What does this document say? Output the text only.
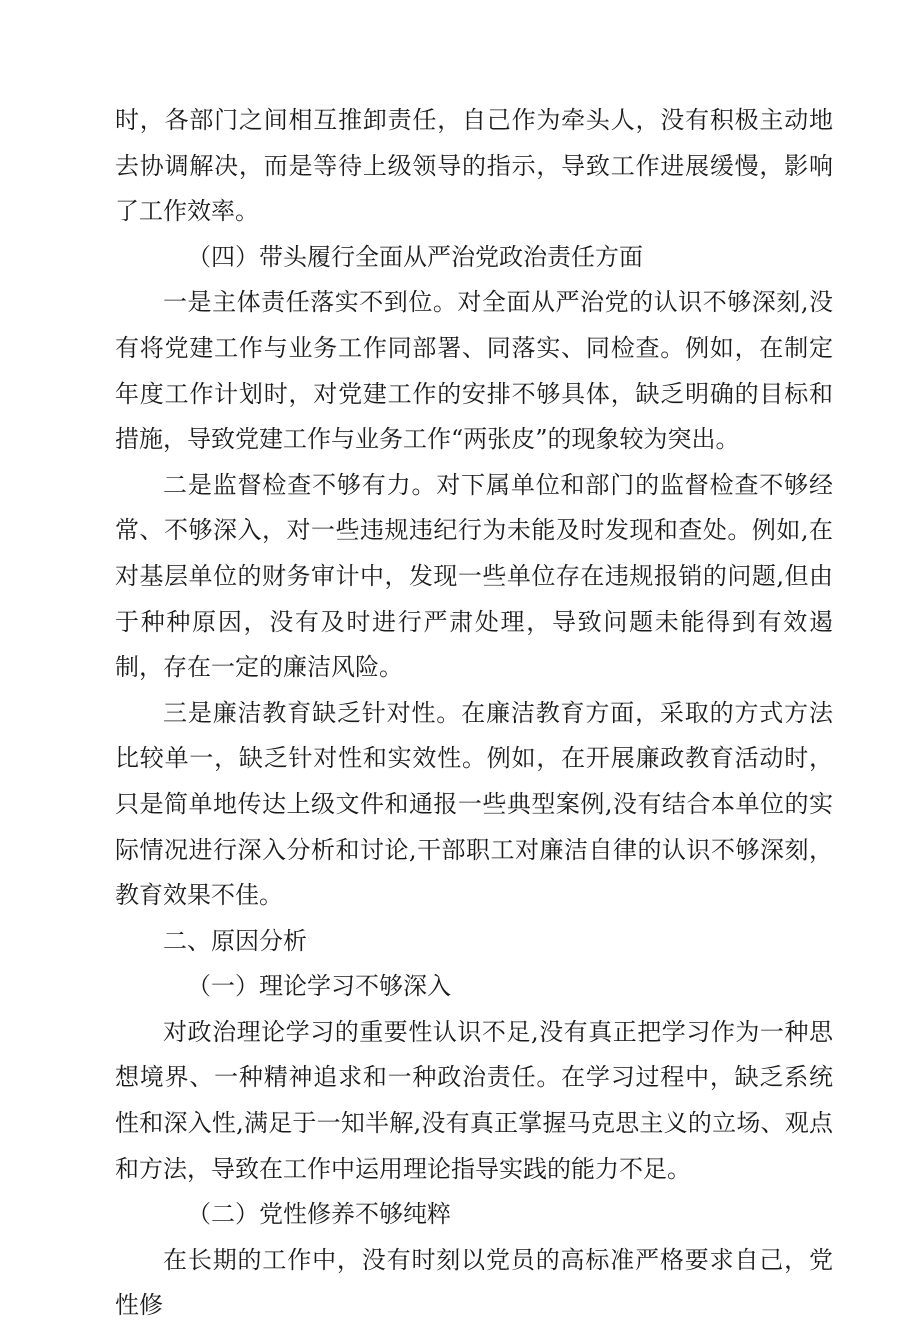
时，各部门之间相互推卸责任，自己作为牵头人，没有积极主动地去协调解决，而是等待上级领导的指示，导致工作进展缓慢，影响了工作效率。

（四）带头履行全面从严治党政治责任方面

一是主体责任落实不到位。对全面从严治党的认识不够深刻,没有将党建工作与业务工作同部署、同落实、同检查。例如，在制定年度工作计划时，对党建工作的安排不够具体，缺乏明确的目标和措施，导致党建工作与业务工作“两张皮”的现象较为突出。

二是监督检查不够有力。对下属单位和部门的监督检查不够经常、不够深入，对一些违规违纪行为未能及时发现和查处。例如,在对基层单位的财务审计中，发现一些单位存在违规报销的问题,但由于种种原因，没有及时进行严肃处理，导致问题未能得到有效遏制，存在一定的廉洁风险。

三是廉洁教育缺乏针对性。在廉洁教育方面，采取的方式方法比较单一，缺乏针对性和实效性。例如，在开展廉政教育活动时，只是简单地传达上级文件和通报一些典型案例,没有结合本单位的实际情况进行深入分析和讨论,干部职工对廉洁自律的认识不够深刻，教育效果不佳。

二、原因分析

（一）理论学习不够深入

对政治理论学习的重要性认识不足,没有真正把学习作为一种思想境界、一种精神追求和一种政治责任。在学习过程中，缺乏系统性和深入性,满足于一知半解,没有真正掌握马克思主义的立场、观点和方法，导致在工作中运用理论指导实践的能力不足。

（二）党性修养不够纯粹

在长期的工作中，没有时刻以党员的高标准严格要求自己，党性修
